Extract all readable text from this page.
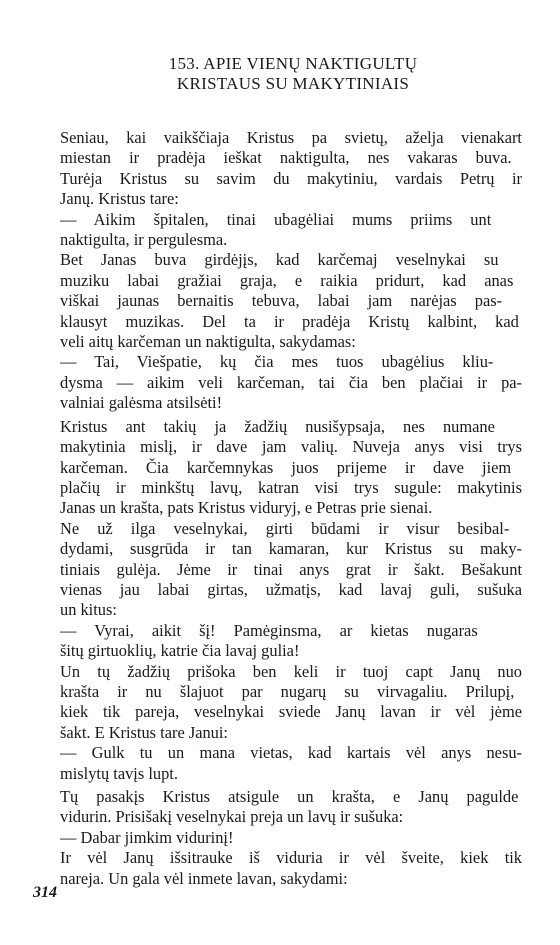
153. APIE VIENŲ NAKTIGULTŲ
KRISTAUS SU MAKYTINIAIS
Seniau, kai vaikščiaja Kristus pa svietų, aželja vienakart
miestan ir pradėja ieškat naktigulta, nes vakaras buva.
Turėja Kristus su savim du makytiniu, vardais Petrų ir
Janų. Kristus tare:
— Aikim špitalen, tinai ubagėliai mums priims unt
naktigulta, ir pergulesma.
Bet Janas buva girdėjįs, kad karčemaj veselnykai su
muziku labai gražiai graja, e raikia pridurt, kad anas
viškai jaunas bernaitis tebuva, labai jam narėjas pas-
klausyt muzikas. Del ta ir pradėja Kristų kalbint, kad
veli aitų karčeman un naktigulta, sakydamas:
— Tai, Viešpatie, kų čia mes tuos ubagėlius kliu-
dysma — aikim veli karčeman, tai čia ben plačiai ir pa-
valniai galėsma atsilsėti!
Kristus ant takių ja žadžių nusišypsaja, nes numane
makytinia mislį, ir dave jam valių. Nuveja anys visi trys
karčeman. Čia karčemnykas juos prijeme ir dave jiem
plačių ir minkštų lavų, katran visi trys sugule: makytinis
Janas un krašta, pats Kristus viduryj, e Petras prie sienai.
Ne už ilga veselnykai, girti būdami ir visur besibal-
dydami, susgrūda ir tan kamaran, kur Kristus su maky-
tiniais gulėja. Jėme ir tinai anys grat ir šakt. Bešakunt
vienas jau labai girtas, užmatįs, kad lavaj guli, sušuka
un kitus:
— Vyrai, aikit šį! Pamėginsma, ar kietas nugaras
šitų girtuoklių, katrie čia lavaj gulia!
Un tų žadžių prišoka ben keli ir tuoj capt Janų nuo
krašta ir nu šlajuot par nugarų su virvagaliu. Prilupį,
kiek tik pareja, veselnykai sviede Janų lavan ir vėl jėme
šakt. E Kristus tare Janui:
— Gulk tu un mana vietas, kad kartais vėl anys nesu-
mislytų tavįs lupt.
Tų pasakįs Kristus atsigule un krašta, e Janų pagulde
vidurin. Prisišakį veselnykai preja un lavų ir sušuka:
— Dabar jimkim vidurinį!
Ir vėl Janų išsitrauke iš viduria ir vėl šveite, kiek tik
nareja. Un gala vėl inmete lavan, sakydami:
314
